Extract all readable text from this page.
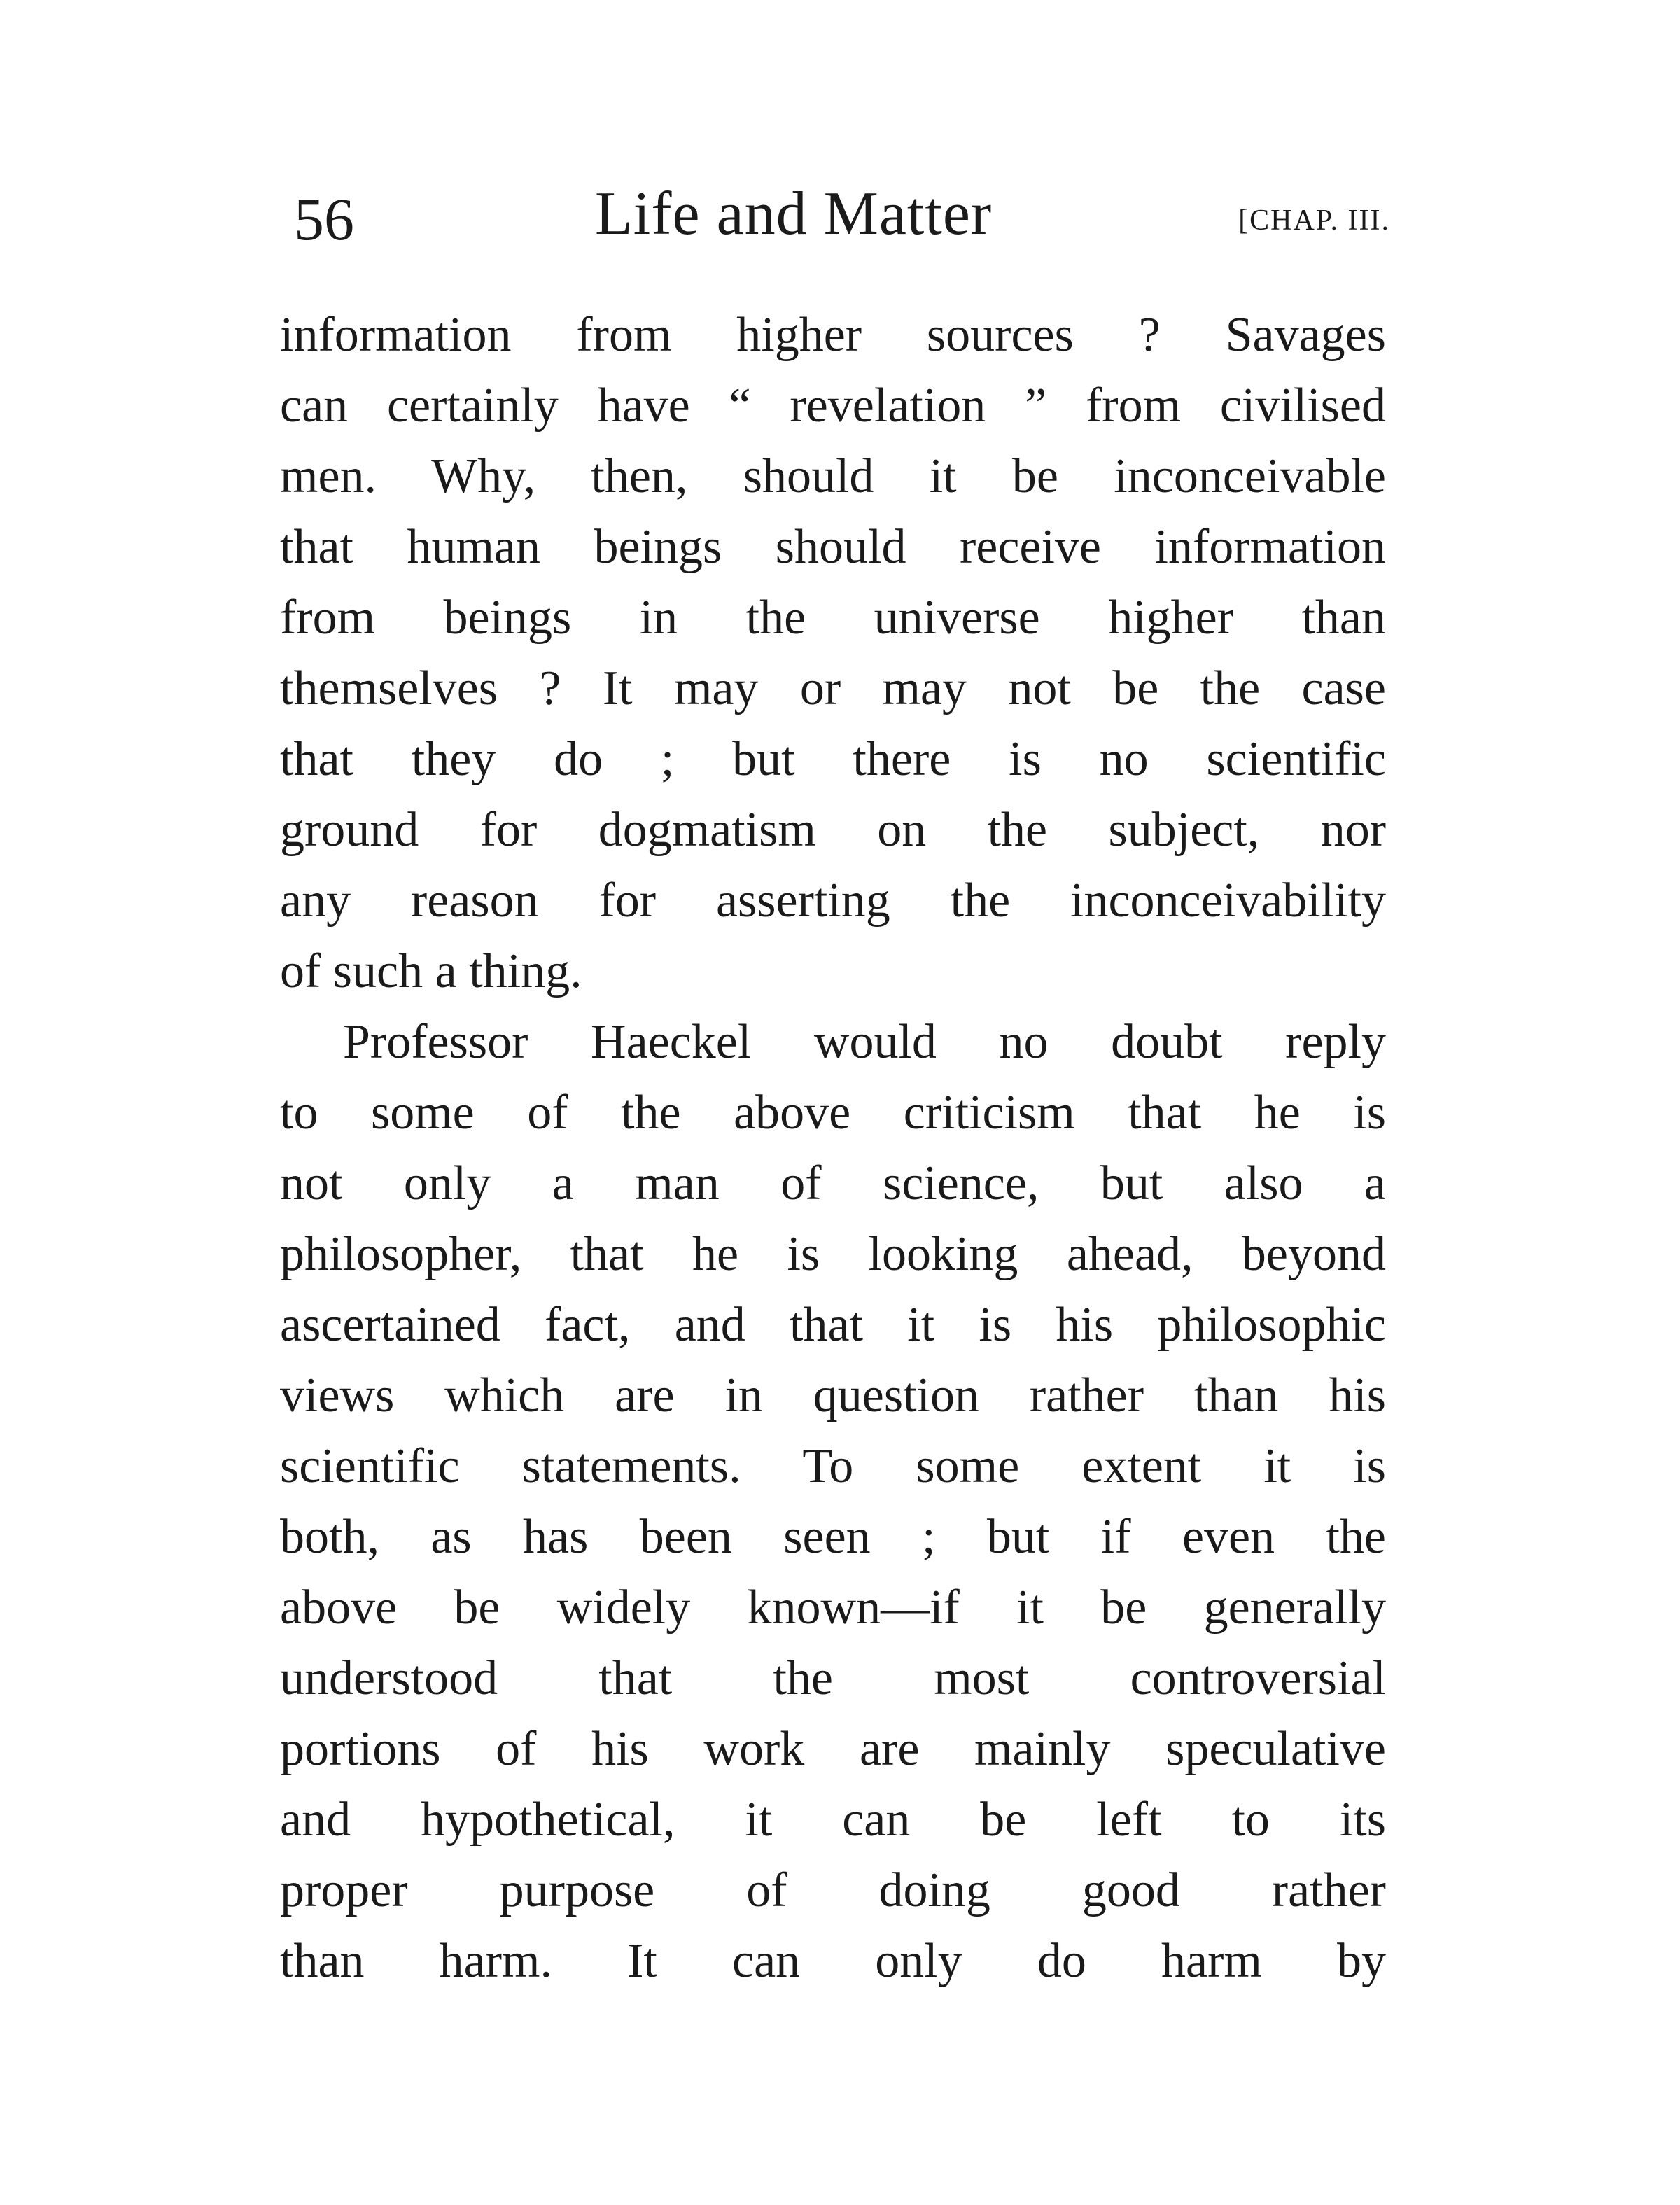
56	Life and Matter	[CHAP. III.
information from higher sources ? Savages
can certainly have “ revelation ” from civilised
men. Why, then, should it be inconceivable
that human beings should receive information
from beings in the universe higher than
themselves ? It may or may not be the case
that they do ; but there is no scientific
ground for dogmatism on the subject, nor
any reason for asserting the inconceivability
of such a thing.
Professor Haeckel would no doubt reply
to some of the above criticism that he is
not only a man of science, but also a
philosopher, that he is looking ahead, beyond
ascertained fact, and that it is his philosophic
views which are in question rather than his
scientific statements. To some extent it is
both, as has been seen ; but if even the
above be widely known—if it be generally
understood that the most controversial
portions of his work are mainly speculative
and hypothetical, it can be left to its
proper purpose of doing good rather
than harm. It can only do harm by
